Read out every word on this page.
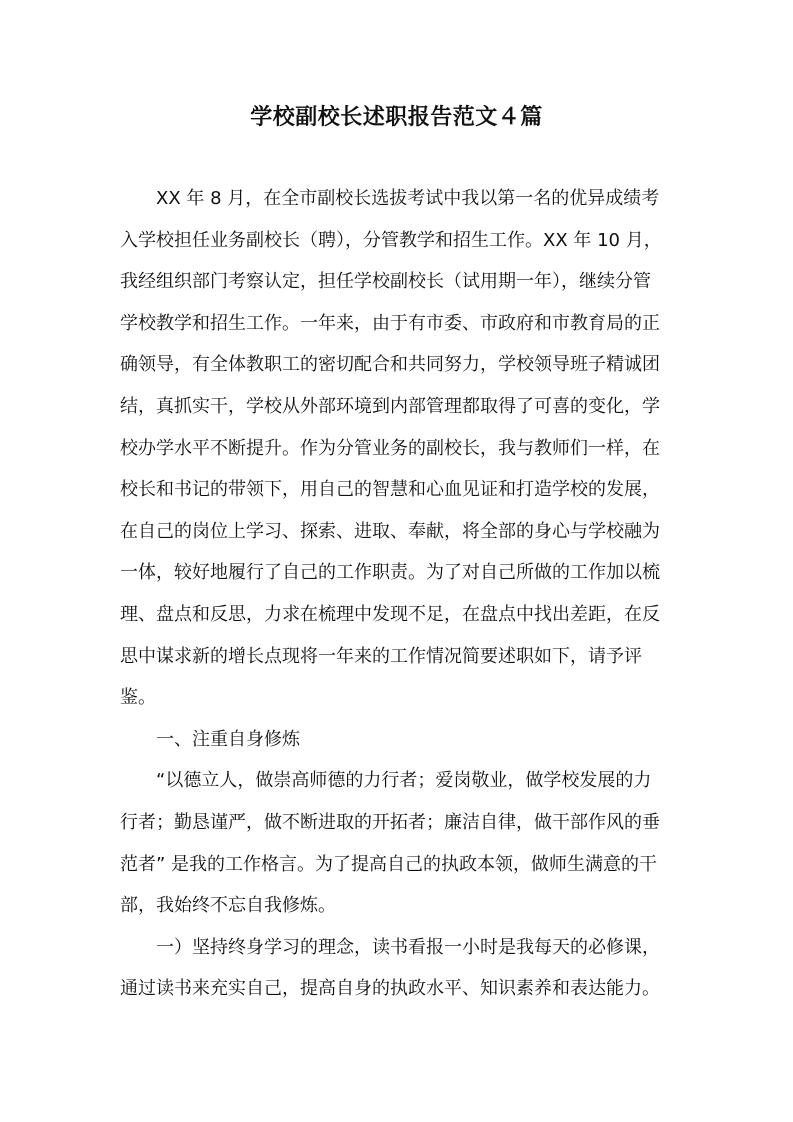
学校副校长述职报告范文４篇
XX 年 8 月，在全市副校长选拔考试中我以第一名的优异成绩考
入学校担任业务副校长（聘），分管教学和招生工作。XX 年 10 月，
我经组织部门考察认定，担任学校副校长（试用期一年），继续分管
学校教学和招生工作。一年来，由于有市委、市政府和市教育局的正
确领导，有全体教职工的密切配合和共同努力，学校领导班子精诚团
结，真抓实干，学校从外部环境到内部管理都取得了可喜的变化，学
校办学水平不断提升。作为分管业务的副校长，我与教师们一样，在
校长和书记的带领下，用自己的智慧和心血见证和打造学校的发展，
在自己的岗位上学习、探索、进取、奉献，将全部的身心与学校融为
一体，较好地履行了自己的工作职责。为了对自己所做的工作加以梳
理、盘点和反思，力求在梳理中发现不足，在盘点中找出差距，在反
思中谋求新的增长点现将一年来的工作情况简要述职如下，请予评
鉴。
一、注重自身修炼
“以德立人，做崇高师德的力行者；爱岗敬业，做学校发展的力
行者；勤恳谨严，做不断进取的开拓者；廉洁自律，做干部作风的垂
范者” 是我的工作格言。为了提高自己的执政本领，做师生满意的干
部，我始终不忘自我修炼。
一）坚持终身学习的理念，读书看报一小时是我每天的必修课，
通过读书来充实自己，提高自身的执政水平、知识素养和表达能力。
